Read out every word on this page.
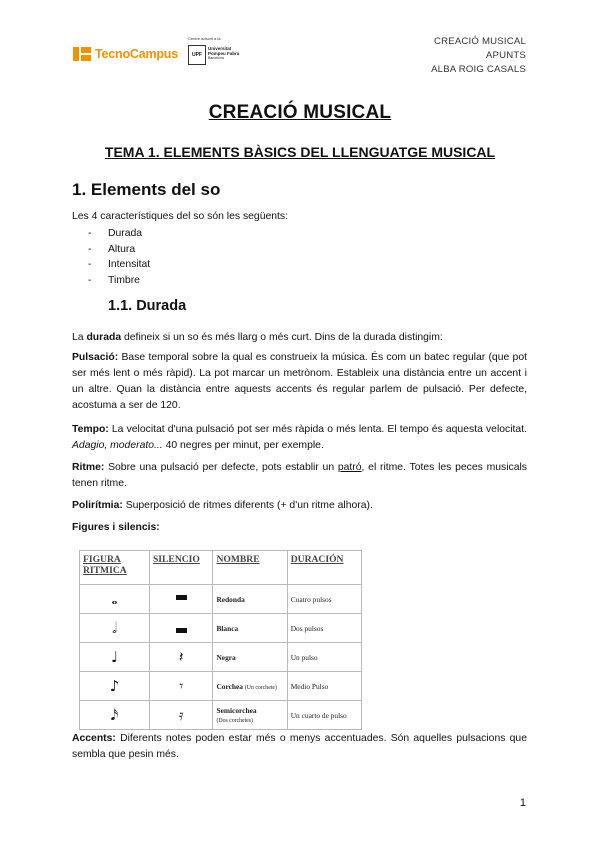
TecnoCampus
Centre adscrit a la
UPF
Universitat
Pompeu Fabra
Barcelona
CREACIÓ MUSICAL
APUNTS
ALBA ROIG CASALS
CREACIÓ MUSICAL
TEMA 1. ELEMENTS BÀSICS DEL LLENGUATGE MUSICAL
1. Elements del so
Les 4 característiques del so són les següents:
- Durada
- Altura
- Intensitat
- Timbre
1.1. Durada
La durada defineix si un so és més llarg o més curt. Dins de la durada distingim:
Pulsació: Base temporal sobre la qual es construeix la música. És com un batec regular (que pot ser més lent o més ràpid). La pot marcar un metrònom. Estableix una distància entre un accent i un altre. Quan la distància entre aquests accents és regular parlem de pulsació. Per defecte, acostuma a ser de 120.
Tempo: La velocitat d'una pulsació pot ser més ràpida o més lenta. El tempo és aquesta velocitat. Adagio, moderato... 40 negres per minut, per exemple.
Ritme: Sobre una pulsació per defecte, pots establir un patró, el ritme. Totes les peces musicals tenen ritme.
Polirítmia: Superposició de ritmes diferents (+ d'un ritme alhora).
Figures i silencis:
FIGURA RITMICA	SILENCIO	NOMBRE	DURACIÓN
𝅝		Redonda	Cuatro pulsos
𝅗𝅥		Blanca	Dos pulsos
♩	𝄽	Negra	Un pulso
♪	𝄾	Corchea (Un corchete)	Medio Pulso
𝅘𝅥𝅯	𝄿	Semicorchea
(Dos corchetes)	Un cuarto de pulso
Accents: Diferents notes poden estar més o menys accentuades. Són aquelles pulsacions que sembla que pesin més.
1
